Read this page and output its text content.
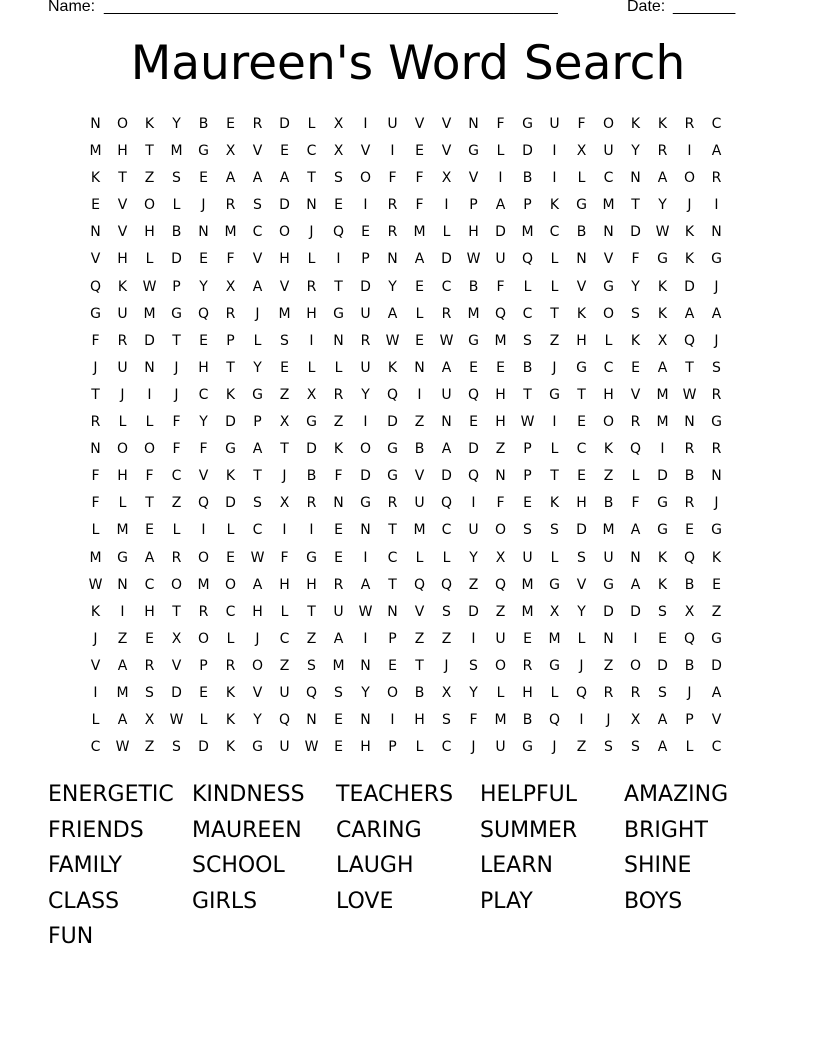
Name: ___________________________________________________	Date: _______
Maureen's Word Search
N	O	K	Y	B	E	R	D	L	X	I	U	V	V	N	F	G	U	F	O	K	K	R	C
M	H	T	M	G	X	V	E	C	X	V	I	E	V	G	L	D	I	X	U	Y	R	I	A
K	T	Z	S	E	A	A	A	T	S	O	F	F	X	V	I	B	I	L	C	N	A	O	R
E	V	O	L	J	R	S	D	N	E	I	R	F	I	P	A	P	K	G	M	T	Y	J	I
N	V	H	B	N	M	C	O	J	Q	E	R	M	L	H	D	M	C	B	N	D	W	K	N
V	H	L	D	E	F	V	H	L	I	P	N	A	D	W	U	Q	L	N	V	F	G	K	G
Q	K	W	P	Y	X	A	V	R	T	D	Y	E	C	B	F	L	L	V	G	Y	K	D	J
G	U	M	G	Q	R	J	M	H	G	U	A	L	R	M	Q	C	T	K	O	S	K	A	A
F	R	D	T	E	P	L	S	I	N	R	W	E	W	G	M	S	Z	H	L	K	X	Q	J
J	U	N	J	H	T	Y	E	L	L	U	K	N	A	E	E	B	J	G	C	E	A	T	S
T	J	I	J	C	K	G	Z	X	R	Y	Q	I	U	Q	H	T	G	T	H	V	M	W	R
R	L	L	F	Y	D	P	X	G	Z	I	D	Z	N	E	H	W	I	E	O	R	M	N	G
N	O	O	F	F	G	A	T	D	K	O	G	B	A	D	Z	P	L	C	K	Q	I	R	R
F	H	F	C	V	K	T	J	B	F	D	G	V	D	Q	N	P	T	E	Z	L	D	B	N
F	L	T	Z	Q	D	S	X	R	N	G	R	U	Q	I	F	E	K	H	B	F	G	R	J
L	M	E	L	I	L	C	I	I	E	N	T	M	C	U	O	S	S	D	M	A	G	E	G
M	G	A	R	O	E	W	F	G	E	I	C	L	L	Y	X	U	L	S	U	N	K	Q	K
W	N	C	O	M	O	A	H	H	R	A	T	Q	Q	Z	Q	M	G	V	G	A	K	B	E
K	I	H	T	R	C	H	L	T	U	W	N	V	S	D	Z	M	X	Y	D	D	S	X	Z
J	Z	E	X	O	L	J	C	Z	A	I	P	Z	Z	I	U	E	M	L	N	I	E	Q	G
V	A	R	V	P	R	O	Z	S	M	N	E	T	J	S	O	R	G	J	Z	O	D	B	D
I	M	S	D	E	K	V	U	Q	S	Y	O	B	X	Y	L	H	L	Q	R	R	S	J	A
L	A	X	W	L	K	Y	Q	N	E	N	I	H	S	F	M	B	Q	I	J	X	A	P	V
C	W	Z	S	D	K	G	U	W	E	H	P	L	C	J	U	G	J	Z	S	S	A	L	C
ENERGETIC KINDNESS	TEACHERS	HELPFUL	AMAZING
FRIENDS	MAUREEN	CARING	SUMMER	BRIGHT
FAMILY	SCHOOL	LAUGH	LEARN	SHINE
CLASS	GIRLS	LOVE	PLAY	BOYS
FUN
